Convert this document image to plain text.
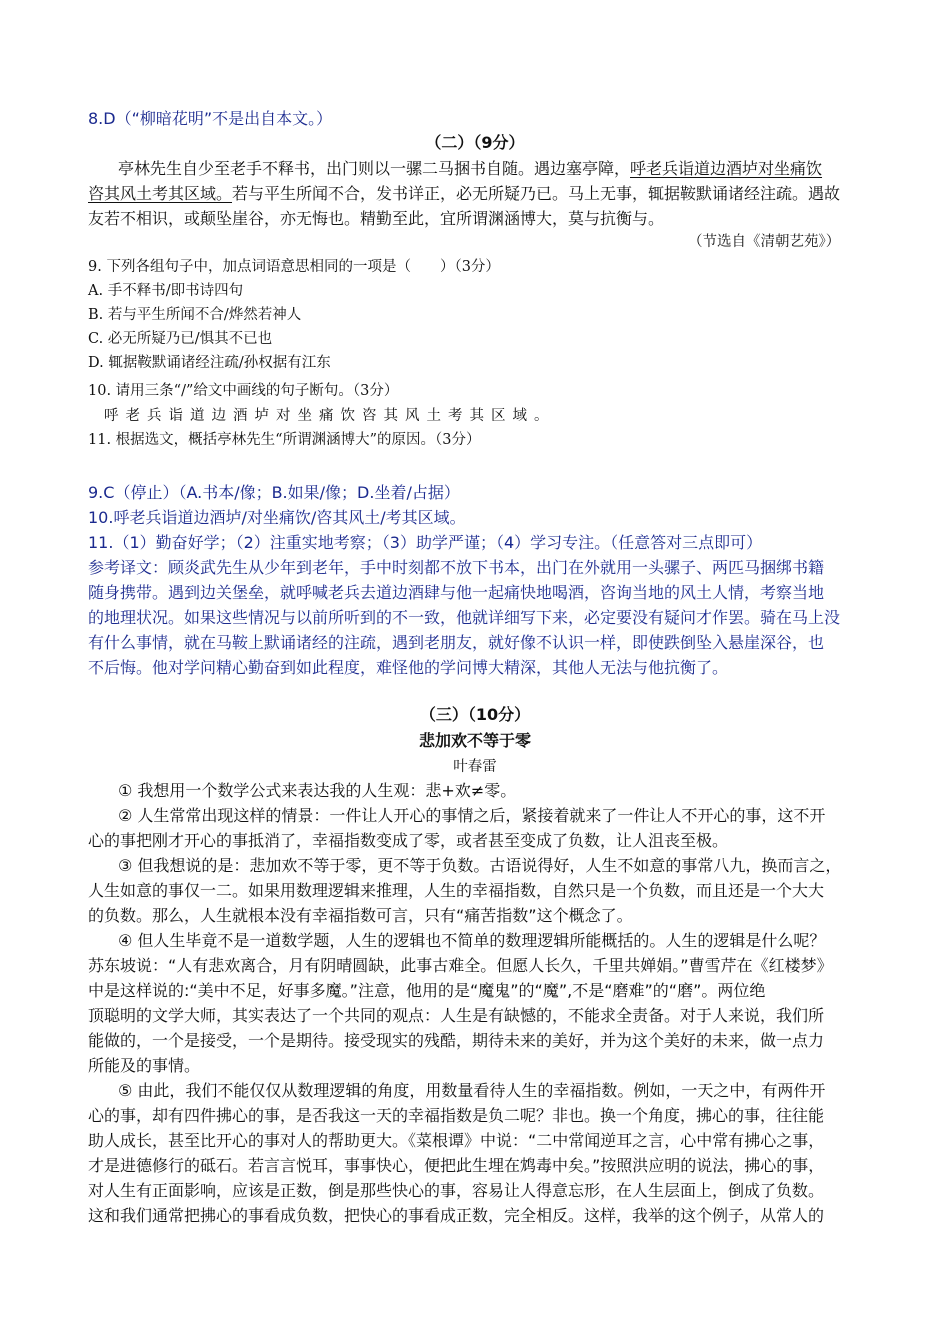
8.D（“柳暗花明”不是出自本文。）
（二）（9分）
亭林先生自少至老手不释书，出门则以一骡二马捆书自随。遇边塞亭障，呼老兵诣道边酒垆对坐痛饮
咨其风土考其区域。若与平生所闻不合，发书详正，必无所疑乃已。马上无事，辄据鞍默诵诸经注疏。遇故
友若不相识，或颠坠崖谷，亦无悔也。精勤至此，宜所谓渊涵博大，莫与抗衡与。
（节选自《清朝艺苑》）
9. 下列各组句子中，加点词语意思相同的一项是（　　）（3分）
A. 手不释书/即书诗四句
B. 若与平生所闻不合/烨然若神人
C. 必无所疑乃已/惧其不已也
D. 辄据鞍默诵诸经注疏/孙权据有江东
10. 请用三条“/”给文中画线的句子断句。（3分）
呼老兵诣道边酒垆对坐痛饮咨其风土考其区域。
11. 根据选文，概括亭林先生“所谓渊涵博大”的原因。（3分）
9.C（停止）（A.书本/像；B.如果/像；D.坐着/占据）
10.呼老兵诣道边酒垆/对坐痛饮/咨其风土/考其区域。
11.（1）勤奋好学；（2）注重实地考察；（3）助学严谨；（4）学习专注。（任意答对三点即可）
参考译文：顾炎武先生从少年到老年，手中时刻都不放下书本，出门在外就用一头骡子、两匹马捆绑书籍
随身携带。遇到边关堡垒，就呼喊老兵去道边酒肆与他一起痛快地喝酒，咨询当地的风土人情，考察当地
的地理状况。如果这些情况与以前所听到的不一致，他就详细写下来，必定要没有疑问才作罢。骑在马上没
有什么事情，就在马鞍上默诵诸经的注疏，遇到老朋友，就好像不认识一样，即使跌倒坠入悬崖深谷，也
不后悔。他对学问精心勤奋到如此程度，难怪他的学问博大精深，其他人无法与他抗衡了。
（三）（10分）
悲加欢不等于零
叶春雷
① 我想用一个数学公式来表达我的人生观：悲+欢≠零。
② 人生常常出现这样的情景：一件让人开心的事情之后，紧接着就来了一件让人不开心的事，这不开
心的事把刚才开心的事抵消了，幸福指数变成了零，或者甚至变成了负数，让人沮丧至极。
③ 但我想说的是：悲加欢不等于零，更不等于负数。古语说得好，人生不如意的事常八九，换而言之，
人生如意的事仅一二。如果用数理逻辑来推理，人生的幸福指数，自然只是一个负数，而且还是一个大大
的负数。那么，人生就根本没有幸福指数可言，只有“痛苦指数”这个概念了。
④ 但人生毕竟不是一道数学题，人生的逻辑也不简单的数理逻辑所能概括的。人生的逻辑是什么呢？
苏东坡说：“人有悲欢离合，月有阴晴圆缺，此事古难全。但愿人长久，千里共婵娟。”曹雪芹在《红楼梦》
中是这样说的:“美中不足，好事多魔。”注意，他用的是“魔鬼”的“魔”,不是“磨难”的“磨”。两位绝
顶聪明的文学大师，其实表达了一个共同的观点：人生是有缺憾的，不能求全责备。对于人来说，我们所
能做的，一个是接受，一个是期待。接受现实的残酷，期待未来的美好，并为这个美好的未来，做一点力
所能及的事情。
⑤ 由此，我们不能仅仅从数理逻辑的角度，用数量看待人生的幸福指数。例如，一天之中，有两件开
心的事，却有四件拂心的事，是否我这一天的幸福指数是负二呢？非也。换一个角度，拂心的事，往往能
助人成长，甚至比开心的事对人的帮助更大。《菜根谭》中说：“二中常闻逆耳之言，心中常有拂心之事，
才是进德修行的砥石。若言言悦耳，事事快心，便把此生埋在鸩毒中矣。”按照洪应明的说法，拂心的事，
对人生有正面影响，应该是正数，倒是那些快心的事，容易让人得意忘形，在人生层面上，倒成了负数。
这和我们通常把拂心的事看成负数，把快心的事看成正数，完全相反。这样，我举的这个例子，从常人的
